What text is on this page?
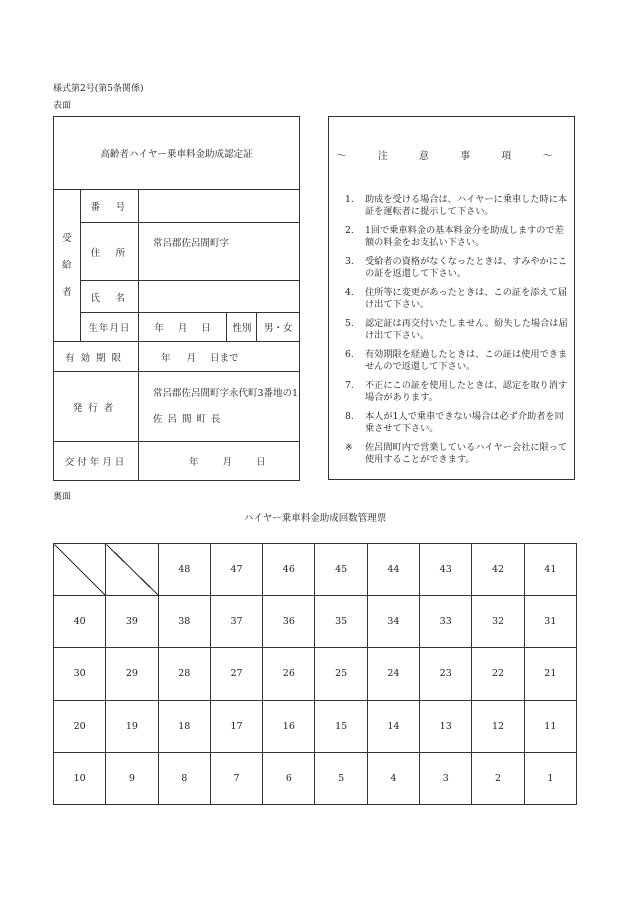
様式第2号(第5条関係)
表面
高齢者ハイヤー乗車料金助成認定証				

受
給
者	番　号			
	住　所	常呂郡佐呂間町字		
	氏　名			
	生年月日	年 月 日	性別	男・女
有効期限		年 月 日まで		
発行者		常呂郡佐呂間町字永代町3番地の1
佐呂間町長		

交付年月日		年 月 日		
～ 注 意 事 項 ～
1.	助成を受ける場合は、ハイヤーに乗車した時に本証を運転者に提示して下さい。
2.	1回で乗車料金の基本料金分を助成しますので差額の料金をお支払い下さい。
3.	受給者の資格がなくなったときは、すみやかにこの証を返還して下さい。
4.	住所等に変更があったときは、この証を添えて届け出て下さい。
5.	認定証は再交付いたしません。紛失した場合は届け出て下さい。
6.	有効期限を経過したときは、この証は使用できませんので返還して下さい。
7.	不正にこの証を使用したときは、認定を取り消す場合があります。
8.	本人が1人で乗車できない場合は必ず介助者を同乗させて下さい。
※	佐呂間町内で営業しているハイヤー会社に限って使用することができます。
裏面
ハイヤー乗車料金助成回数管理票
		48	47	46	45	44	43	42	41
40	39	38	37	36	35	34	33	32	31
30	29	28	27	26	25	24	23	22	21
20	19	18	17	16	15	14	13	12	11
10	9	8	7	6	5	4	3	2	1
